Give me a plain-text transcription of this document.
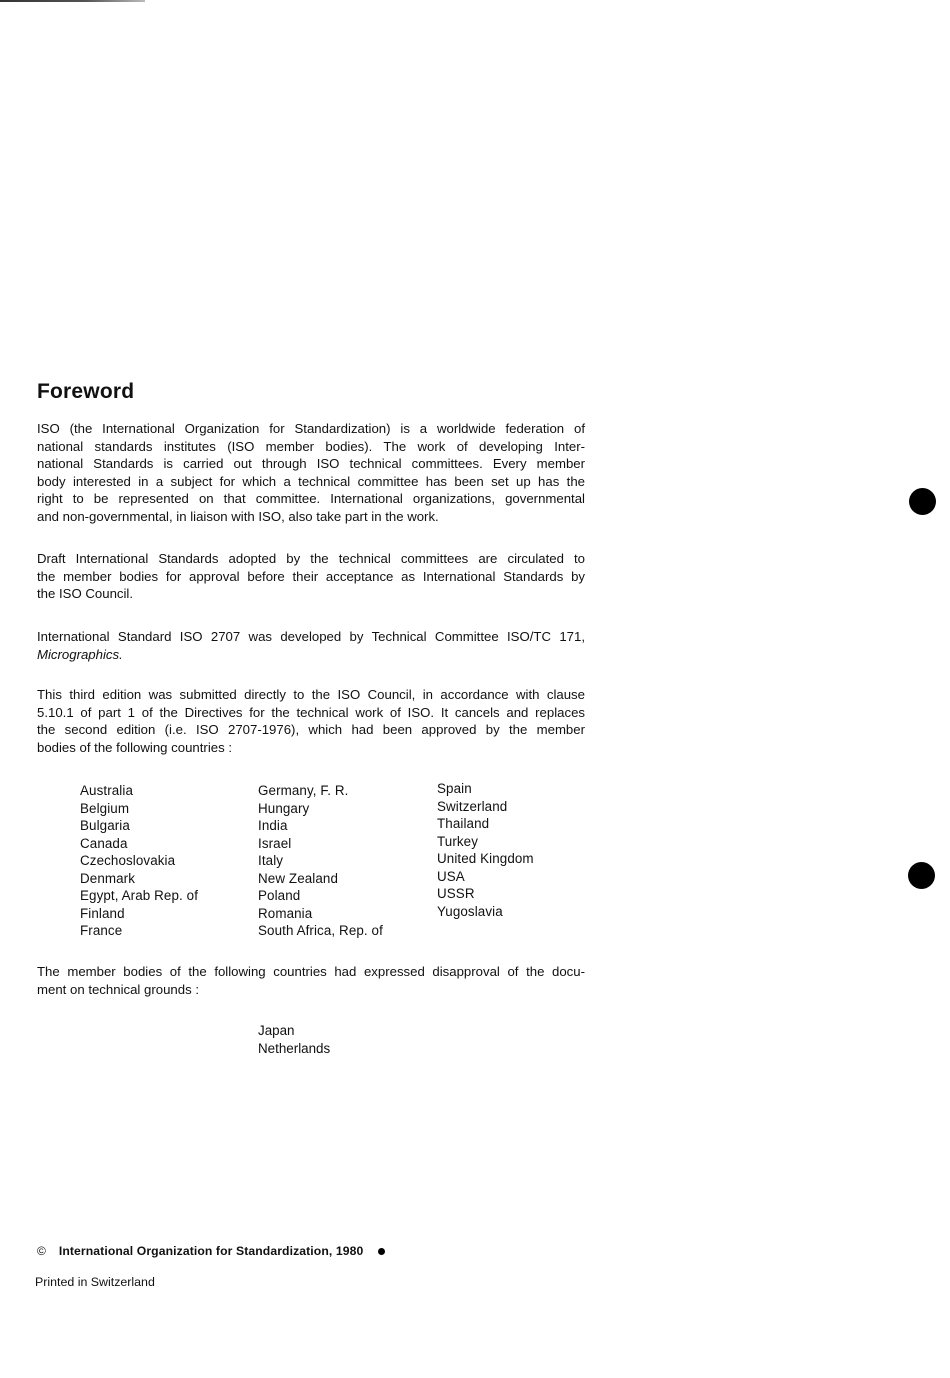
Foreword
ISO (the International Organization for Standardization) is a worldwide federation of
national standards institutes (ISO member bodies). The work of developing Inter-
national Standards is carried out through ISO technical committees. Every member
body interested in a subject for which a technical committee has been set up has the
right to be represented on that committee. International organizations, governmental
and non-governmental, in liaison with ISO, also take part in the work.
Draft International Standards adopted by the technical committees are circulated to
the member bodies for approval before their acceptance as International Standards by
the ISO Council.
International Standard ISO 2707 was developed by Technical Committee ISO/TC 171,
Micrographics.
This third edition was submitted directly to the ISO Council, in accordance with clause
5.10.1 of part 1 of the Directives for the technical work of ISO. It cancels and replaces
the second edition (i.e. ISO 2707-1976), which had been approved by the member
bodies of the following countries :
Australia
Belgium
Bulgaria
Canada
Czechoslovakia
Denmark
Egypt, Arab Rep. of
Finland
France
Germany, F. R.
Hungary
India
Israel
Italy
New Zealand
Poland
Romania
South Africa, Rep. of
Spain
Switzerland
Thailand
Turkey
United Kingdom
USA
USSR
Yugoslavia
The member bodies of the following countries had expressed disapproval of the docu-
ment on technical grounds :
Japan
Netherlands
© International Organization for Standardization, 1980
Printed in Switzerland
